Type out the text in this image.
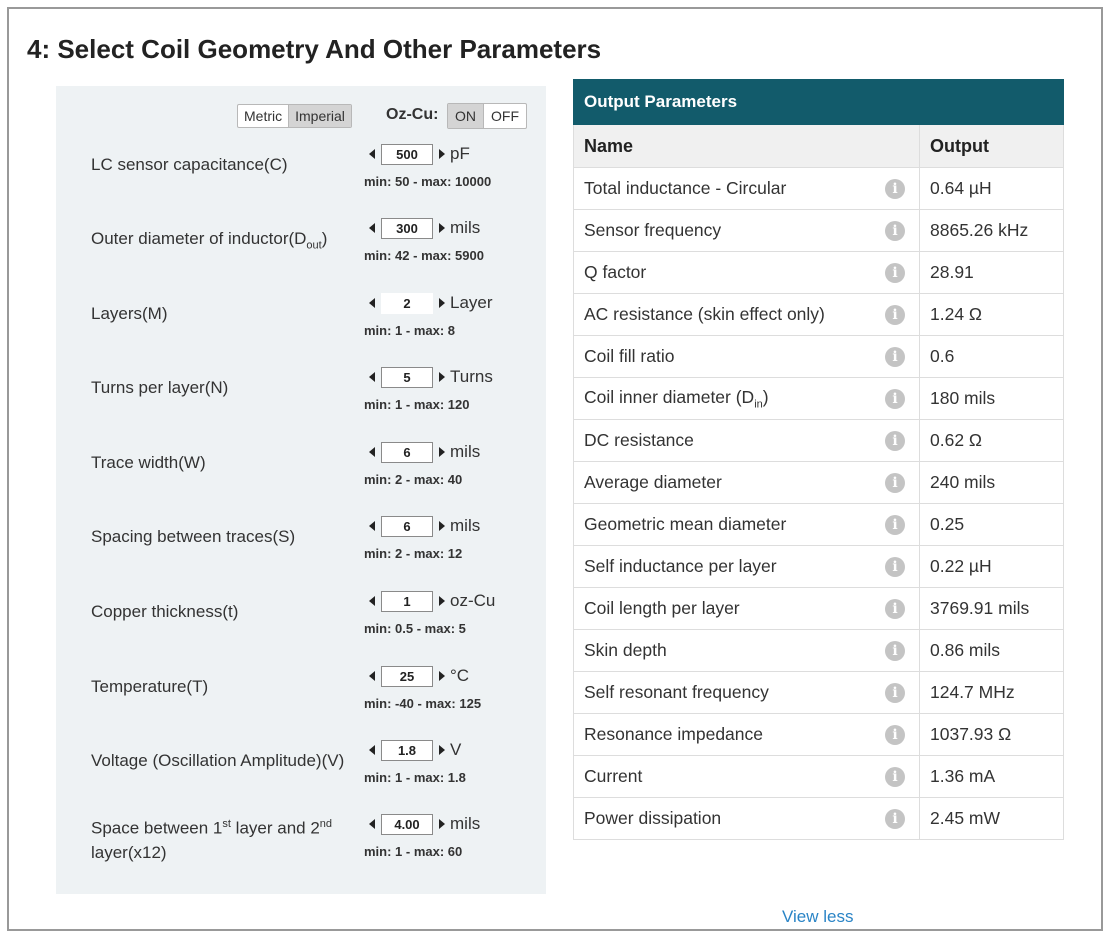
4: Select Coil Geometry And Other Parameters
Metric Imperial	Oz-Cu:	ON	OFF
LC sensor capacitance(C)
500
pF
min: 50 - max: 10000
Outer diameter of $inductor(D_{out})$
300
mils
min: 42 - max: 5900
Layers(M)
2
Layer
min: 1 - max: 8
Turns per layer(N)
5
Turns
min: 1 - max: 120
Trace width(W)
6
mils
min: 2 - max: 40
Spacing between traces(S)
6
mils
min: 2 - max: 12
Copper thickness(t)
1
oz-Cu
min: 0.5 - max: 5
Temperature(T)
25
°C
min: -40 - max: 125
Voltage (Oscillation Amplitude)(V)
1.8
V
min: 1 - max: 1.8
Space between 1st layer and 2nd
layer(x12)
4.00
mils
min: 1 - max: 60
Output Parameters	
Name	Output
Total inductance - Circular i	0.64 µH
Sensor frequency i	8865.26 kHz
Q factor i	28.91
AC resistance (skin effect only) i	1.24 Ω
Coil fill ratio i	0.6
Coil inner diameter $(D_{in})$ i	180 mils
DC resistance i	0.62 Ω
Average diameter i	240 mils
Geometric mean diameter i	0.25
Self inductance per layer i	0.22 µH
Coil length per layer i	3769.91 mils
Skin depth i	0.86 mils
Self resonant frequency i	124.7 MHz
Resonance impedance i	1037.93 Ω
Current i	1.36 mA
Power dissipation i	2.45 mW
View less
